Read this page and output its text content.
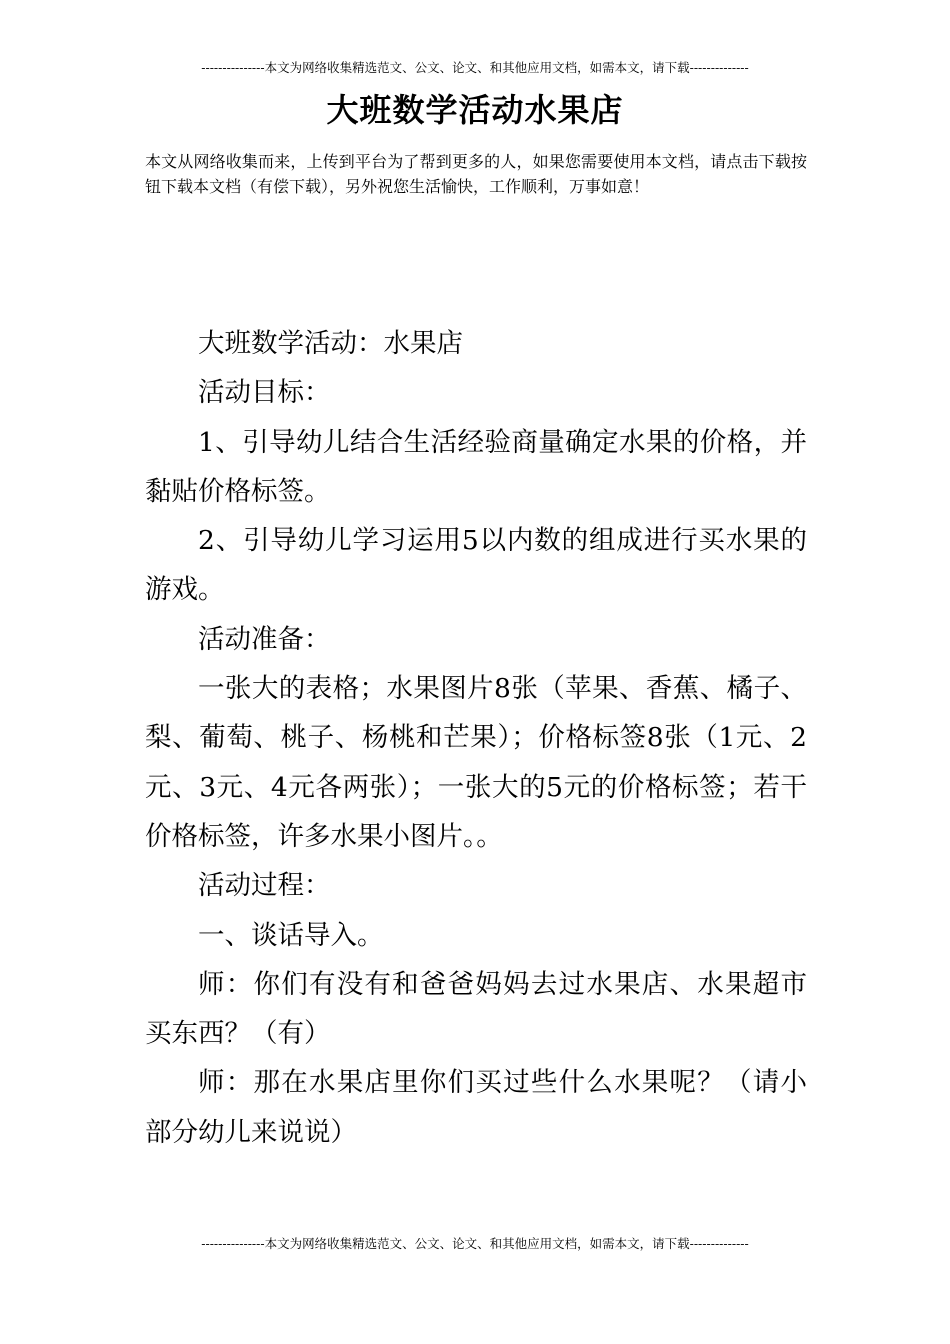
---------------本文为网络收集精选范文、公文、论文、和其他应用文档，如需本文，请下载--------------
大班数学活动水果店
本文从网络收集而来，上传到平台为了帮到更多的人，如果您需要使用本文档，请点击下载按钮下载本文档（有偿下载），另外祝您生活愉快，工作顺利，万事如意！

大班数学活动：水果店

活动目标：

1、引导幼儿结合生活经验商量确定水果的价格，并黏贴价格标签。

2、引导幼儿学习运用5以内数的组成进行买水果的游戏。

活动准备：

一张大的表格；水果图片8张（苹果、香蕉、橘子、梨、葡萄、桃子、杨桃和芒果）；价格标签8张（1元、2元、3元、4元各两张）；一张大的5元的价格标签；若干价格标签，许多水果小图片。。

活动过程：

一、谈话导入。

师：你们有没有和爸爸妈妈去过水果店、水果超市买东西？（有）

师：那在水果店里你们买过些什么水果呢？（请小部分幼儿来说说）

---------------本文为网络收集精选范文、公文、论文、和其他应用文档，如需本文，请下载--------------
